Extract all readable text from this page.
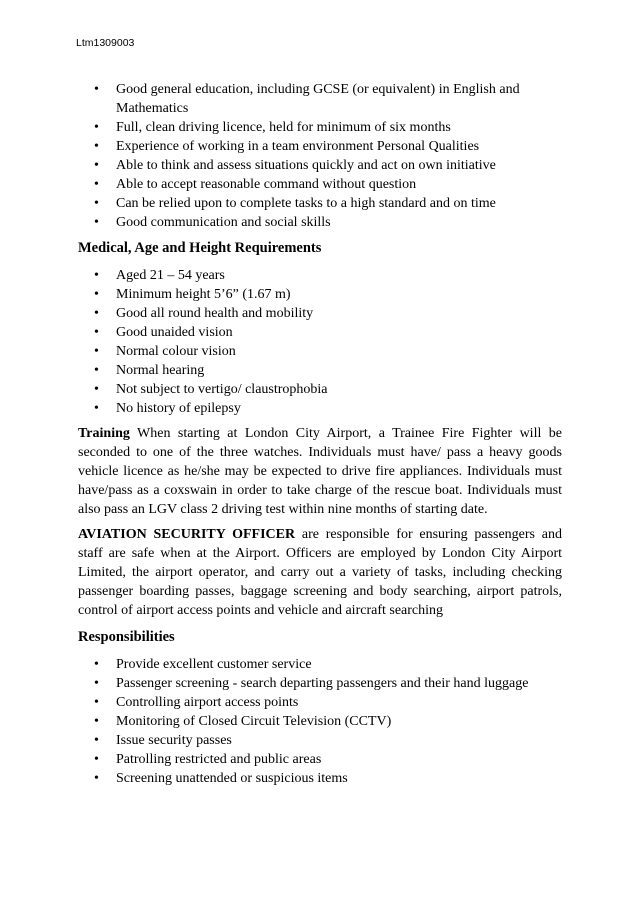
Ltm1309003
• Good general education, including GCSE (or equivalent) in English and Mathematics
• Full, clean driving licence, held for minimum of six months
• Experience of working in a team environment Personal Qualities
• Able to think and assess situations quickly and act on own initiative
• Able to accept reasonable command without question
• Can be relied upon to complete tasks to a high standard and on time
• Good communication and social skills
Medical, Age and Height Requirements
• Aged 21 – 54 years
• Minimum height 5’6” (1.67 m)
• Good all round health and mobility
• Good unaided vision
• Normal colour vision
• Normal hearing
• Not subject to vertigo/ claustrophobia
• No history of epilepsy

Training When starting at London City Airport, a Trainee Fire Fighter will be seconded to one of the three watches. Individuals must have/ pass a heavy goods vehicle licence as he/she may be expected to drive fire appliances. Individuals must have/pass as a coxswain in order to take charge of the rescue boat. Individuals must also pass an LGV class 2 driving test within nine months of starting date.

AVIATION SECURITY OFFICER are responsible for ensuring passengers and staff are safe when at the Airport. Officers are employed by London City Airport Limited, the airport operator, and carry out a variety of tasks, including checking passenger boarding passes, baggage screening and body searching, airport patrols, control of airport access points and vehicle and aircraft searching

Responsibilities
• Provide excellent customer service
• Passenger screening - search departing passengers and their hand luggage
• Controlling airport access points
• Monitoring of Closed Circuit Television (CCTV)
• Issue security passes
• Patrolling restricted and public areas
• Screening unattended or suspicious items
